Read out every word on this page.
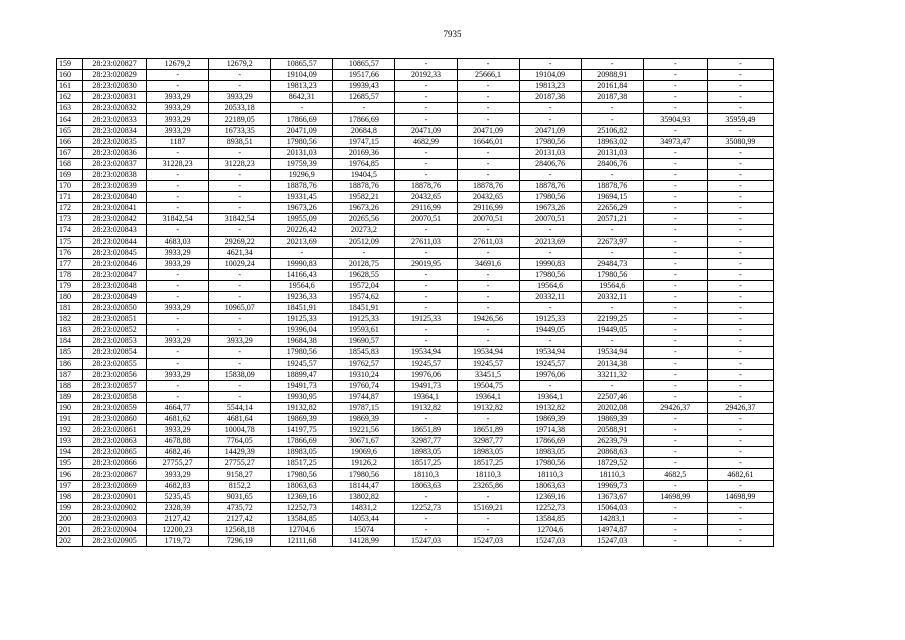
7935
159	28:23:020827	12679,2	12679,2	10865,57	10865,57	-	-	-	-	-	-
160	28:23:020829	-	-	19104,09	19517,66	20192,33	25666,1	19104,09	20988,91	-	-
161	28:23:020830	-	-	19813,23	19939,43	-	-	19813,23	20161,84	-	-
162	28:23:020831	3933,29	3933,29	8642,31	12685,57	-	-	20187,38	20187,38	-	-
163	28:23:020832	3933,29	20533,18	-	-	-	-	-	-	-	-
164	28:23:020833	3933,29	22189,05	17866,69	17866,69	-	-	-	-	35904,93	35959,49
165	28:23:020834	3933,29	16733,35	20471,09	20684,8	20471,09	20471,09	20471,09	25106,82	-	-
166	28:23:020835	1187	8938,51	17980,56	19747,15	4682,99	16646,01	17980,56	18963,02	34973,47	35080,99
167	28:23:020836	-	-	20131,03	20169,36	-	-	20131,03	20131,03	-	-
168	28:23:020837	31228,23	31228,23	19759,39	19764,85	-	-	28406,76	28406,76	-	-
169	28:23:020838	-	-	19296,9	19404,5	-	-	-	-	-	-
170	28:23:020839	-	-	18878,76	18878,76	18878,76	18878,76	18878,76	18878,76	-	-
171	28:23:020840	-	-	19331,45	19582,21	20432,65	20432,65	17980,56	19694,15	-	-
172	28:23:020841	-	-	19673,26	19673,26	29116,99	29116,99	19673,26	22656,29	-	-
173	28:23:020842	31842,54	31842,54	19955,09	20265,56	20070,51	20070,51	20070,51	20571,21	-	-
174	28:23:020843	-	-	20226,42	20273,2	-	-	-	-	-	-
175	28:23:020844	4683,03	29269,22	20213,69	20512,09	27611,03	27611,03	20213,69	22673,97	-	-
176	28:23:020845	3933,29	4621,34	-	-	-	-	-	-	-	-
177	28:23:020846	3933,29	10029,24	19990,83	20128,75	29019,95	34691,6	19990,83	29484,73	-	-
178	28:23:020847	-	-	14166,43	19628,55	-	-	17980,56	17980,56	-	-
179	28:23:020848	-	-	19564,6	19572,04	-	-	19564,6	19564,6	-	-
180	28:23:020849	-	-	19236,33	19574,62	-	-	20332,11	20332,11	-	-
181	28:23:020850	3933,29	10965,07	18451,91	18451,91	-	-	-	-	-	-
182	28:23:020851	-	-	19125,33	19125,33	19125,33	19426,56	19125,33	22199,25	-	-
183	28:23:020852	-	-	19396,04	19593,61	-	-	19449,05	19449,05	-	-
184	28:23:020853	3933,29	3933,29	19684,38	19690,57	-	-	-	-	-	-
185	28:23:020854	-	-	17980,56	18545,83	19534,94	19534,94	19534,94	19534,94	-	-
186	28:23:020855	-	-	19245,57	19762,57	19245,57	19245,57	19245,57	20134,38	-	-
187	28:23:020856	3933,29	15838,09	18899,47	19310,24	19976,06	33451,5	19976,06	33211,32	-	-
188	28:23:020857	-	-	19491,73	19760,74	19491,73	19504,75	-	-	-	-
189	28:23:020858	-	-	19930,95	19744,87	19364,1	19364,1	19364,1	22507,46	-	-
190	28:23:020859	4664,77	5544,14	19132,82	19787,15	19132,82	19132,82	19132,82	20202,08	29426,37	29426,37
191	28:23:020860	4681,62	4681,64	19869,39	19869,39	-	-	19869,39	19869,39	-	-
192	28:23:020861	3933,29	10004,78	14197,75	19221,56	18651,89	18651,89	19714,38	20588,91	-	-
193	28:23:020863	4678,88	7764,05	17866,69	30671,67	32987,77	32987,77	17866,69	26239,79	-	-
194	28:23:020865	4682,46	14429,39	18983,05	19069,6	18983,05	18983,05	18983,05	20868,63	-	-
195	28:23:020866	27755,27	27755,27	18517,25	19126,2	18517,25	18517,25	17980,56	18729,52	-	-
196	28:23:020867	3933,29	9158,27	17980,56	17980,56	18110,3	18110,3	18110,3	18110,3	4682,5	4682,61
197	28:23:020869	4682,83	8152,2	18063,63	18144,47	18063,63	23265,86	18063,63	19969,73	-	-
198	28:23:020901	5235,45	9031,65	12369,16	13802,82	-	-	12369,16	13673,67	14698,99	14698,99
199	28:23:020902	2328,39	4735,72	12252,73	14831,2	12252,73	15169,21	12252,73	15064,03	-	-
200	28:23:020903	2127,42	2127,42	13584,85	14053,44	-	-	13584,85	14283,1	-	-
201	28:23:020904	12200,23	12568,18	12704,6	15074	-	-	12704,6	14974,87	-	-
202	28:23:020905	1719,72	7296,19	12111,68	14128,99	15247,03	15247,03	15247,03	15247,03	-	-
